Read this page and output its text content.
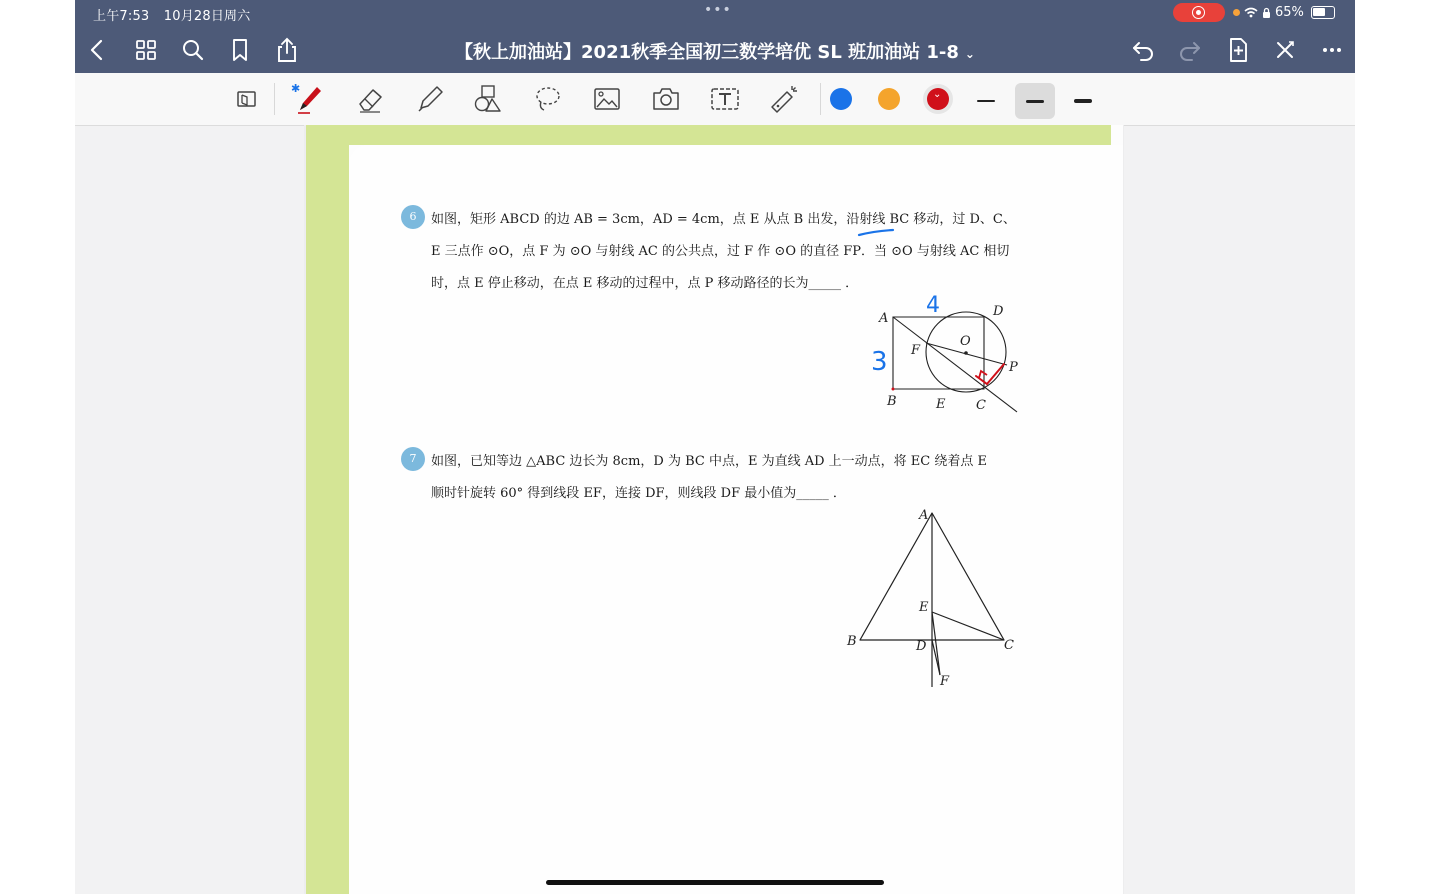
上午7:53 10月28日周六	•••	65%
【秋上加油站】2021秋季全国初三数学培优 SL 班加油站 1-8 ⌄
✱
⌄
6	如图，矩形 ABCD 的边 AB = 3cm，AD = 4cm，点 E 从点 B 出发，沿射线 BC 移动，过 D、C、
E 三点作 ⊙O，点 F 为 ⊙O 与射线 AC 的公共点，过 F 作 ⊙O 的直径 FP．当 ⊙O 与射线 AC 相切
时，点 E 停止移动，在点 E 移动的过程中，点 P 移动路径的长为_____ ．
A	D
O
F
P
B	E C
4
3
7	如图，已知等边 △ABC 边长为 8cm，D 为 BC 中点，E 为直线 AD 上一动点，将 EC 绕着点 E
顺时针旋转 60° 得到线段 EF，连接 DF，则线段 DF 最小值为_____ ．
A
E
B	D	C
F
